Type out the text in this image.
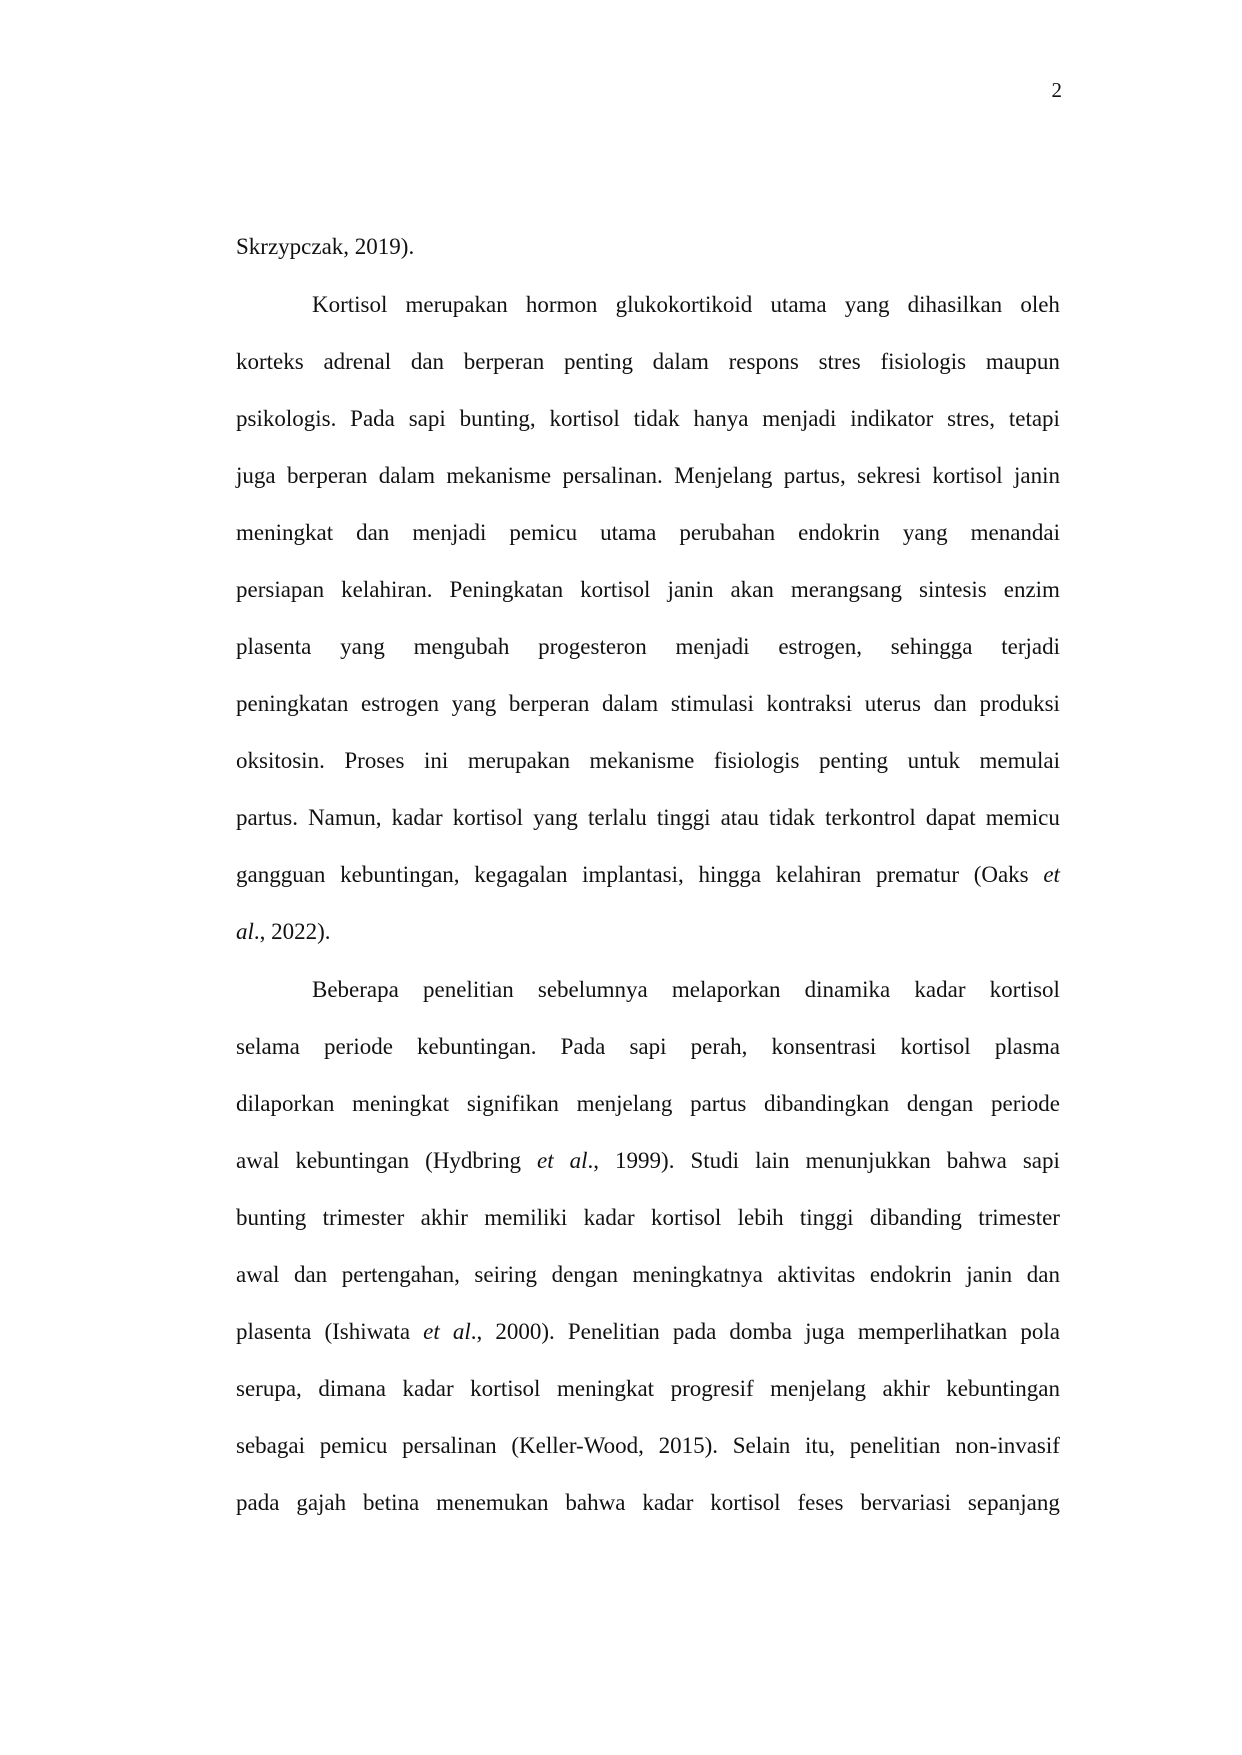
2
Skrzypczak, 2019).
Kortisol merupakan hormon glukokortikoid utama yang dihasilkan oleh
korteks adrenal dan berperan penting dalam respons stres fisiologis maupun
psikologis. Pada sapi bunting, kortisol tidak hanya menjadi indikator stres, tetapi
juga berperan dalam mekanisme persalinan. Menjelang partus, sekresi kortisol janin
meningkat dan menjadi pemicu utama perubahan endokrin yang menandai
persiapan kelahiran. Peningkatan kortisol janin akan merangsang sintesis enzim
plasenta yang mengubah progesteron menjadi estrogen, sehingga terjadi
peningkatan estrogen yang berperan dalam stimulasi kontraksi uterus dan produksi
oksitosin. Proses ini merupakan mekanisme fisiologis penting untuk memulai
partus. Namun, kadar kortisol yang terlalu tinggi atau tidak terkontrol dapat memicu
gangguan kebuntingan, kegagalan implantasi, hingga kelahiran prematur (Oaks et
al., 2022).
Beberapa penelitian sebelumnya melaporkan dinamika kadar kortisol
selama periode kebuntingan. Pada sapi perah, konsentrasi kortisol plasma
dilaporkan meningkat signifikan menjelang partus dibandingkan dengan periode
awal kebuntingan (Hydbring et al., 1999). Studi lain menunjukkan bahwa sapi
bunting trimester akhir memiliki kadar kortisol lebih tinggi dibanding trimester
awal dan pertengahan, seiring dengan meningkatnya aktivitas endokrin janin dan
plasenta (Ishiwata et al., 2000). Penelitian pada domba juga memperlihatkan pola
serupa, dimana kadar kortisol meningkat progresif menjelang akhir kebuntingan
sebagai pemicu persalinan (Keller-Wood, 2015). Selain itu, penelitian non-invasif
pada gajah betina menemukan bahwa kadar kortisol feses bervariasi sepanjang
